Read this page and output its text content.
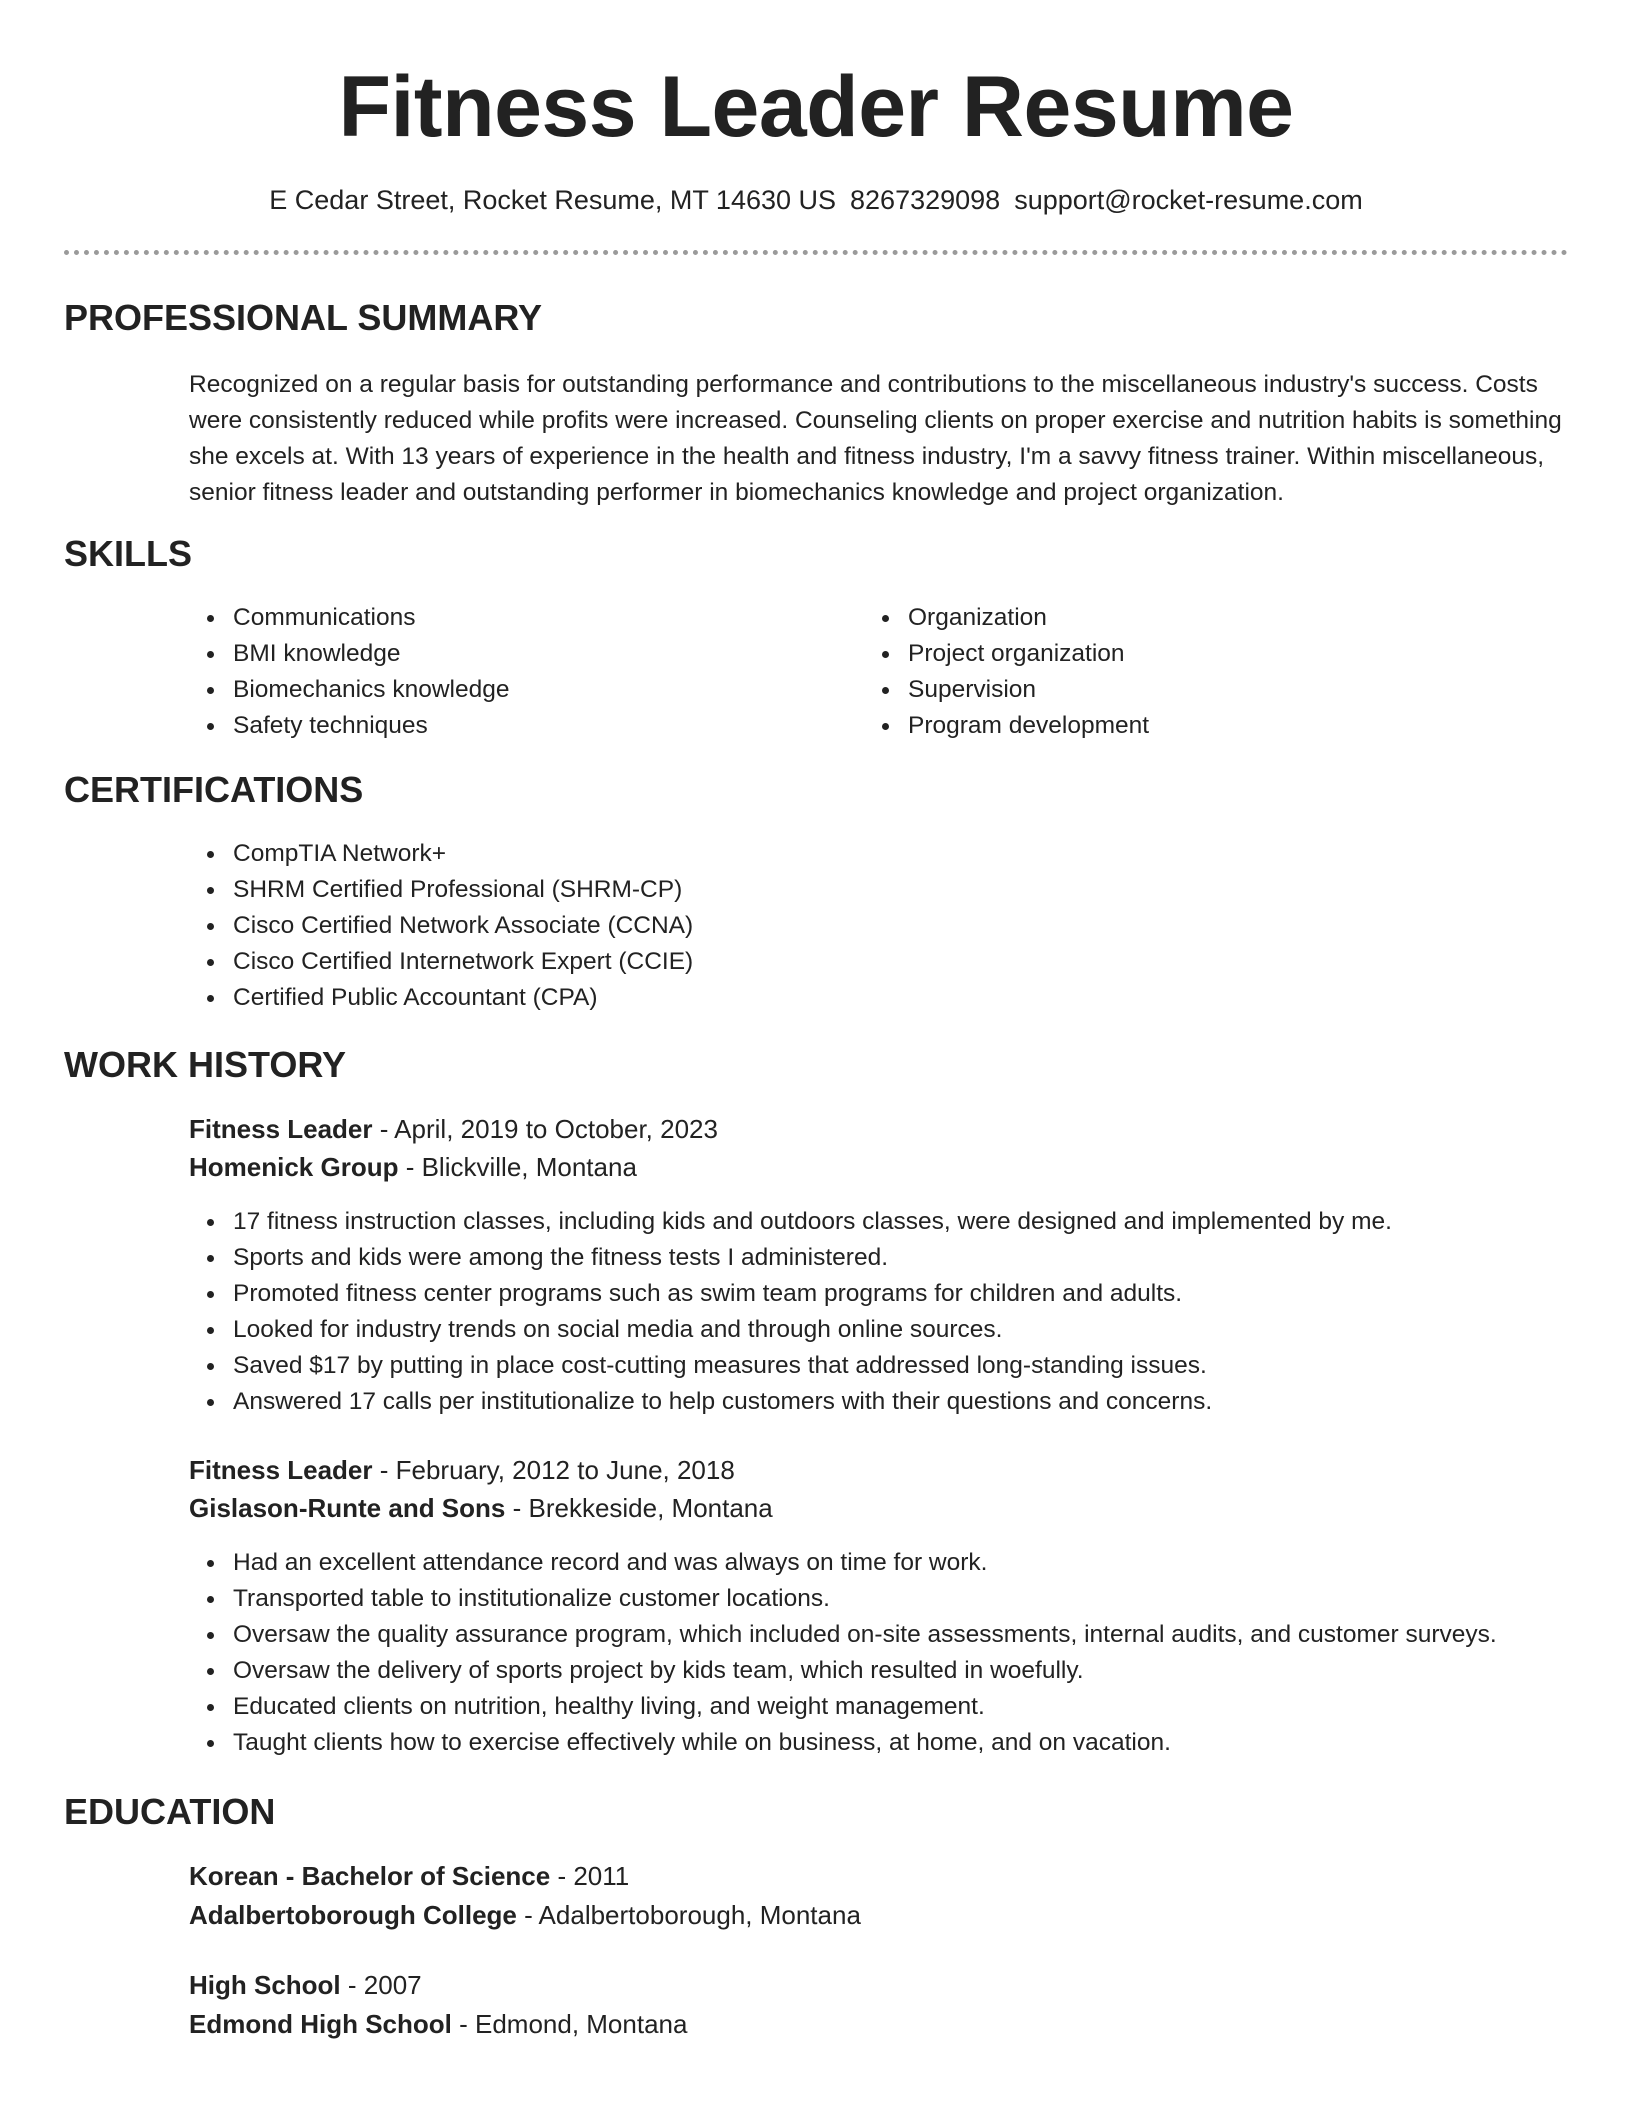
Fitness Leader Resume
E Cedar Street, Rocket Resume, MT 14630 US 8267329098 support@rocket-resume.com
PROFESSIONAL SUMMARY
Recognized on a regular basis for outstanding performance and contributions to the miscellaneous industry's success. Costs were consistently reduced while profits were increased. Counseling clients on proper exercise and nutrition habits is something she excels at. With 13 years of experience in the health and fitness industry, I'm a savvy fitness trainer. Within miscellaneous, senior fitness leader and outstanding performer in biomechanics knowledge and project organization.
SKILLS
Communications
BMI knowledge
Biomechanics knowledge
Safety techniques
Organization
Project organization
Supervision
Program development
CERTIFICATIONS
CompTIA Network+
SHRM Certified Professional (SHRM-CP)
Cisco Certified Network Associate (CCNA)
Cisco Certified Internetwork Expert (CCIE)
Certified Public Accountant (CPA)
WORK HISTORY
Fitness Leader - April, 2019 to October, 2023
Homenick Group - Blickville, Montana
17 fitness instruction classes, including kids and outdoors classes, were designed and implemented by me.
Sports and kids were among the fitness tests I administered.
Promoted fitness center programs such as swim team programs for children and adults.
Looked for industry trends on social media and through online sources.
Saved $17 by putting in place cost-cutting measures that addressed long-standing issues.
Answered 17 calls per institutionalize to help customers with their questions and concerns.
Fitness Leader - February, 2012 to June, 2018
Gislason-Runte and Sons - Brekkeside, Montana
Had an excellent attendance record and was always on time for work.
Transported table to institutionalize customer locations.
Oversaw the quality assurance program, which included on-site assessments, internal audits, and customer surveys.
Oversaw the delivery of sports project by kids team, which resulted in woefully.
Educated clients on nutrition, healthy living, and weight management.
Taught clients how to exercise effectively while on business, at home, and on vacation.
EDUCATION
Korean - Bachelor of Science - 2011
Adalbertoborough College - Adalbertoborough, Montana
High School - 2007
Edmond High School - Edmond, Montana
